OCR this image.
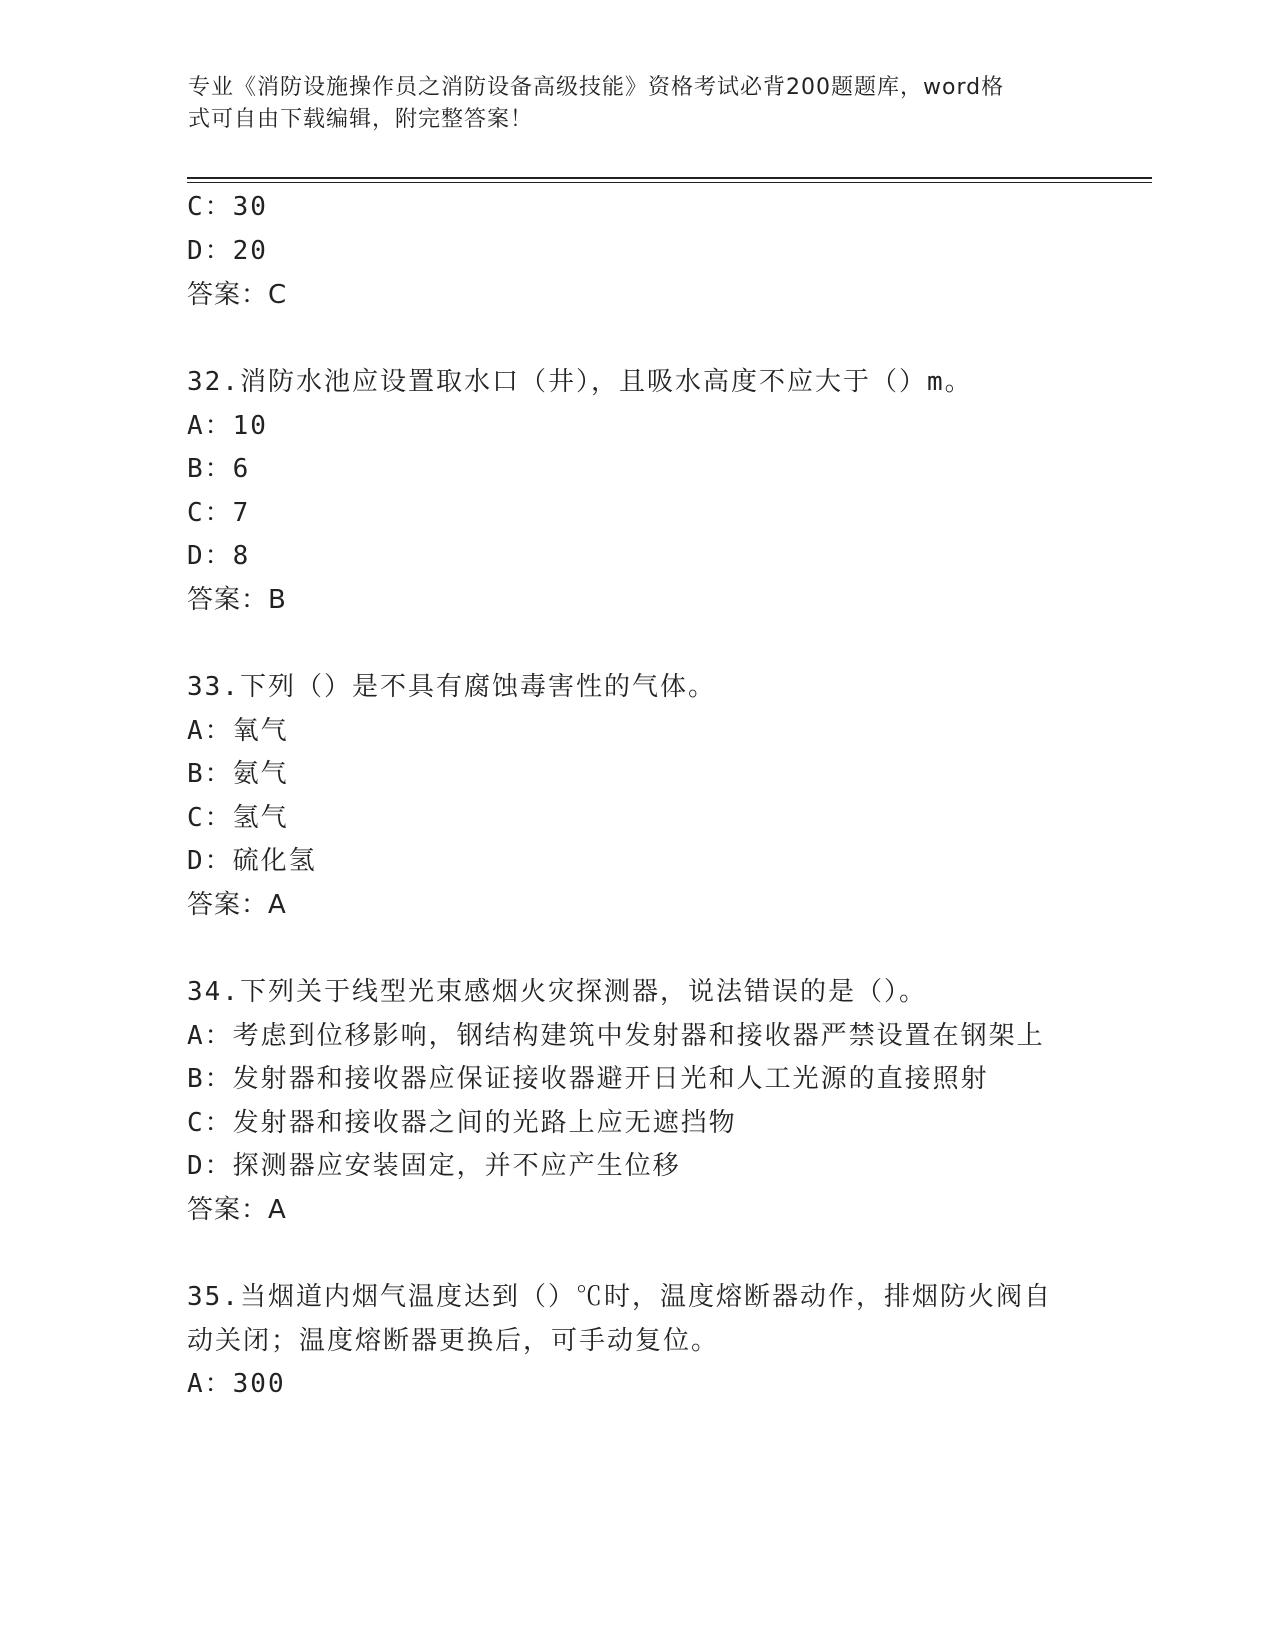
专业《消防设施操作员之消防设备高级技能》资格考试必背200题题库，word格
式可自由下载编辑，附完整答案！
C：30
D：20
答案：C
32.消防水池应设置取水口（井），且吸水高度不应大于（）m。
A：10
B：6
C：7
D：8
答案：B
33.下列（）是不具有腐蚀毒害性的气体。
A：氧气
B：氨气
C：氢气
D：硫化氢
答案：A
34.下列关于线型光束感烟火灾探测器，说法错误的是（）。
A：考虑到位移影响，钢结构建筑中发射器和接收器严禁设置在钢架上
B：发射器和接收器应保证接收器避开日光和人工光源的直接照射
C：发射器和接收器之间的光路上应无遮挡物
D：探测器应安装固定，并不应产生位移
答案：A
35.当烟道内烟气温度达到（）℃时，温度熔断器动作，排烟防火阀自
动关闭；温度熔断器更换后，可手动复位。
A：300
